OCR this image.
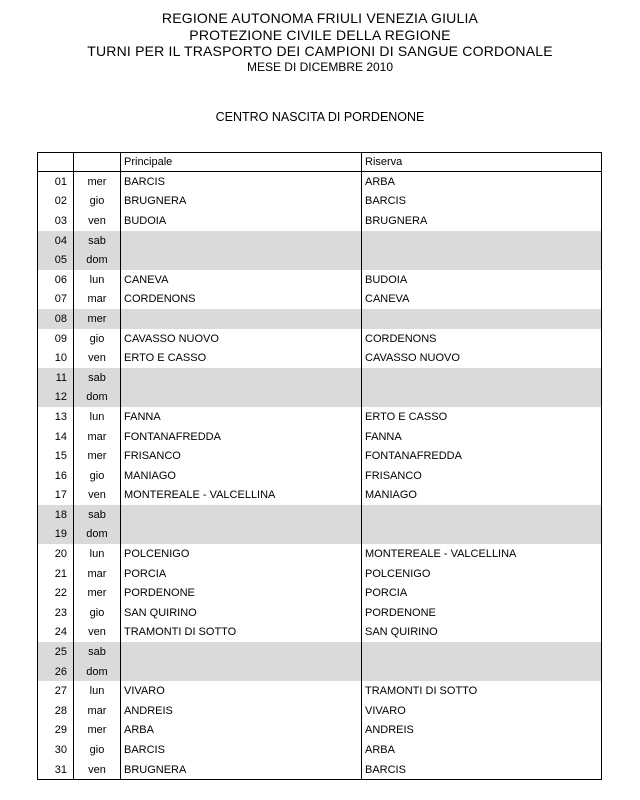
REGIONE AUTONOMA FRIULI VENEZIA GIULIA
PROTEZIONE CIVILE DELLA REGIONE
TURNI PER IL TRASPORTO DEI CAMPIONI DI SANGUE CORDONALE
MESE DI DICEMBRE 2010
CENTRO NASCITA DI PORDENONE
		Principale	Riserva
01	mer	BARCIS	ARBA
02	gio	BRUGNERA	BARCIS
03	ven	BUDOIA	BRUGNERA
04	sab		
05	dom		
06	lun	CANEVA	BUDOIA
07	mar	CORDENONS	CANEVA
08	mer		
09	gio	CAVASSO NUOVO	CORDENONS
10	ven	ERTO E CASSO	CAVASSO NUOVO
11	sab		
12	dom		
13	lun	FANNA	ERTO E CASSO
14	mar	FONTANAFREDDA	FANNA
15	mer	FRISANCO	FONTANAFREDDA
16	gio	MANIAGO	FRISANCO
17	ven	MONTEREALE - VALCELLINA	MANIAGO
18	sab		
19	dom		
20	lun	POLCENIGO	MONTEREALE - VALCELLINA
21	mar	PORCIA	POLCENIGO
22	mer	PORDENONE	PORCIA
23	gio	SAN QUIRINO	PORDENONE
24	ven	TRAMONTI DI SOTTO	SAN QUIRINO
25	sab		
26	dom		
27	lun	VIVARO	TRAMONTI DI SOTTO
28	mar	ANDREIS	VIVARO
29	mer	ARBA	ANDREIS
30	gio	BARCIS	ARBA
31	ven	BRUGNERA	BARCIS
